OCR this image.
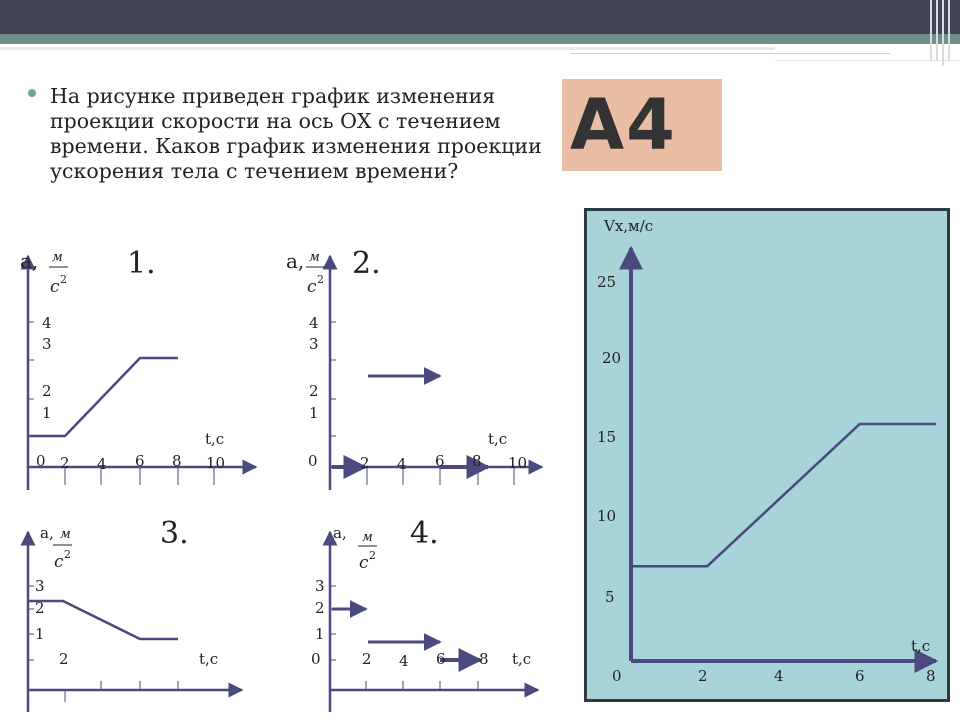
На рисунке приведен график изменения проекции скорости на ось ОХ с течением времени. Каков график изменения проекции ускорения тела с течением времени?
А4
Vx,м/с
25
20
15
10
5
t,c
0	2	4	6	8
a, м
c 2 1.
4
3
2
1
t,c
0 2 4 6 8 10
a, м
c 2 2.
4
3
2
1
t,c
0	2 4 6 8 10
a, м
c 2
3.
3
2
1
t,c
2
a, м
c 2
4.
3
2
1
t,c
0	2 4 6 8
